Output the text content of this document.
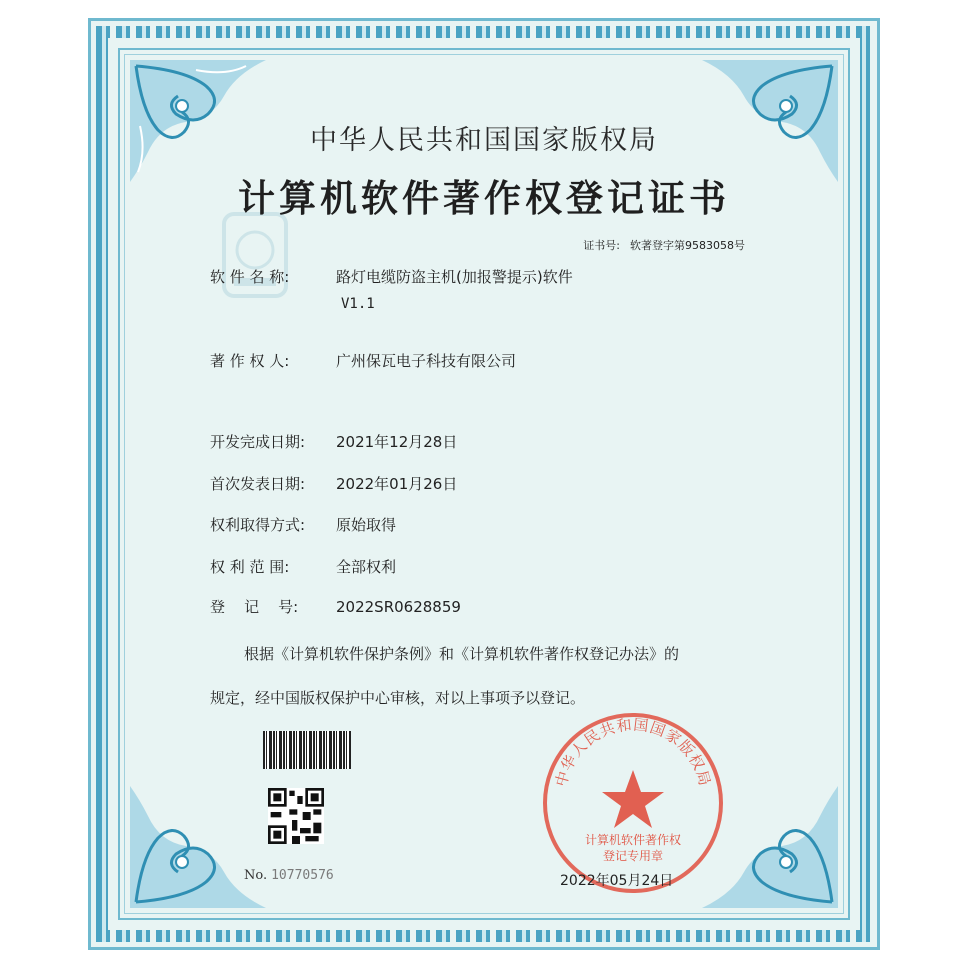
中华人民共和国国家版权局
计算机软件著作权登记证书
证书号: 软著登字第9583058号
软 件 名 称:	路灯电缆防盗主机(加报警提示)软件
V1.1
著 作 权 人:	广州保瓦电子科技有限公司
开发完成日期: 2021年12月28日
首次发表日期: 2022年01月26日
权利取得方式: 原始取得
权 利 范 围:	全部权利
登    记    号:	2022SR0628859
根据《计算机软件保护条例》和《计算机软件著作权登记办法》的
规定，经中国版权保护中心审核，对以上事项予以登记。
No. 10770576
中华人民共和国国家版权局
计算机软件著作权
登记专用章
2022年05月24日
